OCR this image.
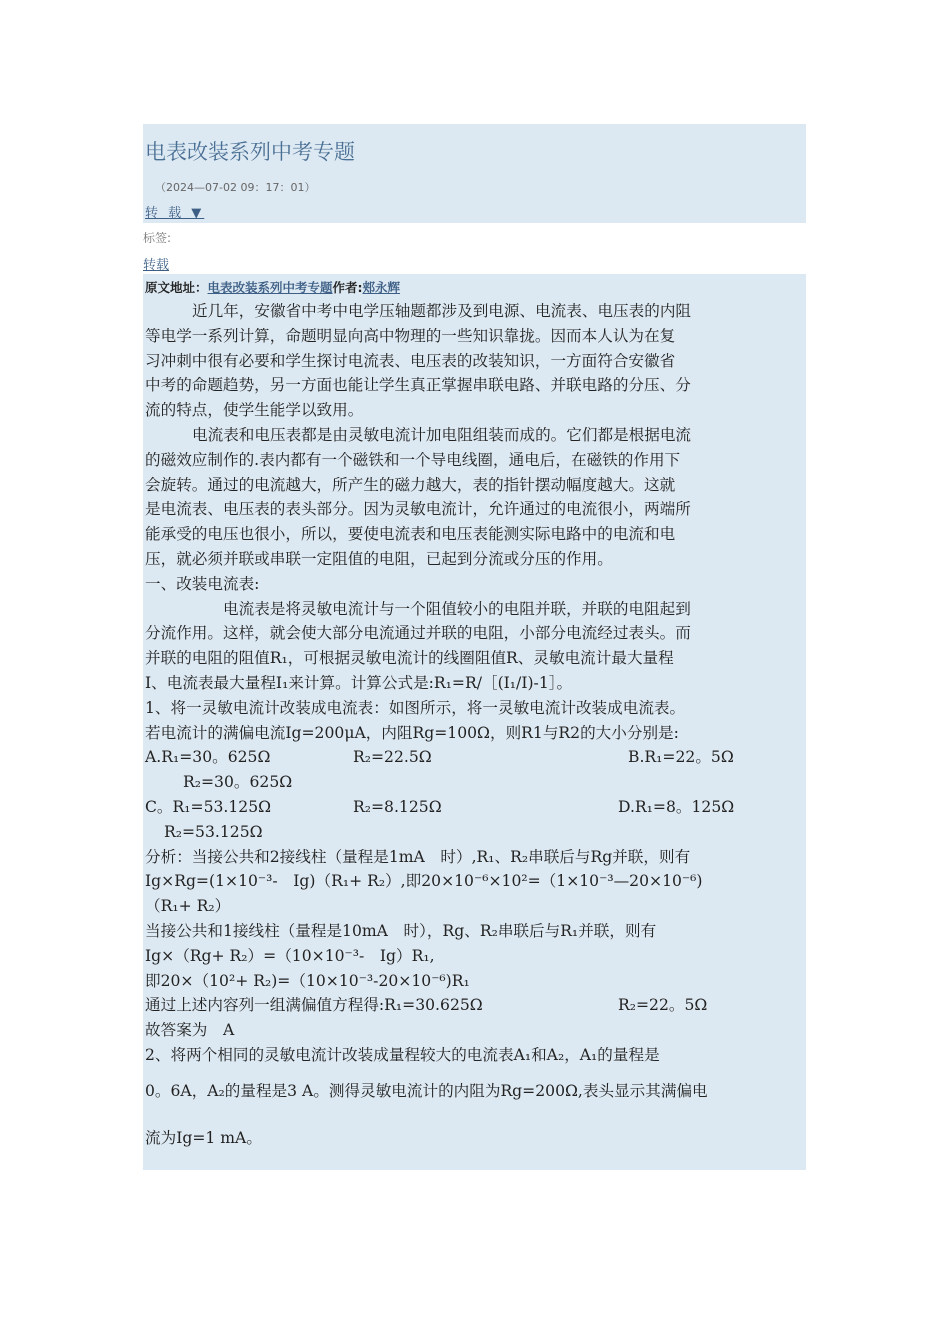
电表改装系列中考专题
（2024—07-02 09：17：01）
转 载 ▼
标签:
转载
原文地址：电表改装系列中考专题作者:郏永辉
近几年，安徽省中考中电学压轴题都涉及到电源、电流表、电压表的内阻
等电学一系列计算，命题明显向高中物理的一些知识靠拢。因而本人认为在复
习冲刺中很有必要和学生探讨电流表、电压表的改装知识，一方面符合安徽省
中考的命题趋势，另一方面也能让学生真正掌握串联电路、并联电路的分压、分
流的特点，使学生能学以致用。
电流表和电压表都是由灵敏电流计加电阻组装而成的。它们都是根据电流
的磁效应制作的.表内都有一个磁铁和一个导电线圈，通电后，在磁铁的作用下
会旋转。通过的电流越大，所产生的磁力越大，表的指针摆动幅度越大。这就
是电流表、电压表的表头部分。因为灵敏电流计，允许通过的电流很小，两端所
能承受的电压也很小，所以，要使电流表和电压表能测实际电路中的电流和电
压，就必须并联或串联一定阻值的电阻，已起到分流或分压的作用。
一、改装电流表:
电流表是将灵敏电流计与一个阻值较小的电阻并联，并联的电阻起到
分流作用。这样，就会使大部分电流通过并联的电阻，小部分电流经过表头。而
并联的电阻的阻值R₁，可根据灵敏电流计的线圈阻值R、灵敏电流计最大量程
I、电流表最大量程I₁来计算。计算公式是:R₁=R/［(I₁/I)-1］。
1、将一灵敏电流计改装成电流表：如图所示，将一灵敏电流计改装成电流表。
若电流计的满偏电流Ig=200μA，内阻Rg=100Ω，则R1与R2的大小分别是:
A.R₁=30。625Ω	R₂=22.5Ω	B.R₁=22。5Ω
R₂=30。625Ω
C。R₁=53.125Ω	R₂=8.125Ω	D.R₁=8。125Ω
R₂=53.125Ω
分析：当接公共和2接线柱（量程是1mA　时）,R₁、R₂串联后与Rg并联，则有
Ig×Rg=(1×10⁻³-　Ig)（R₁+ R₂）,即20×10⁻⁶×10²=（1×10⁻³—20×10⁻⁶)
（R₁+ R₂）
当接公共和1接线柱（量程是10mA　时），Rg、R₂串联后与R₁并联，则有
Ig×（Rg+ R₂）=（10×10⁻³-　Ig）R₁,
即20×（10²+ R₂)=（10×10⁻³-20×10⁻⁶)R₁
通过上述内容列一组满偏值方程得:R₁=30.625Ω	R₂=22。5Ω
故答案为　A
2、将两个相同的灵敏电流计改装成量程较大的电流表A₁和A₂，A₁的量程是
0。6A，A₂的量程是3 A。测得灵敏电流计的内阻为Rg=200Ω,表头显示其满偏电
流为Ig=1 mA。
